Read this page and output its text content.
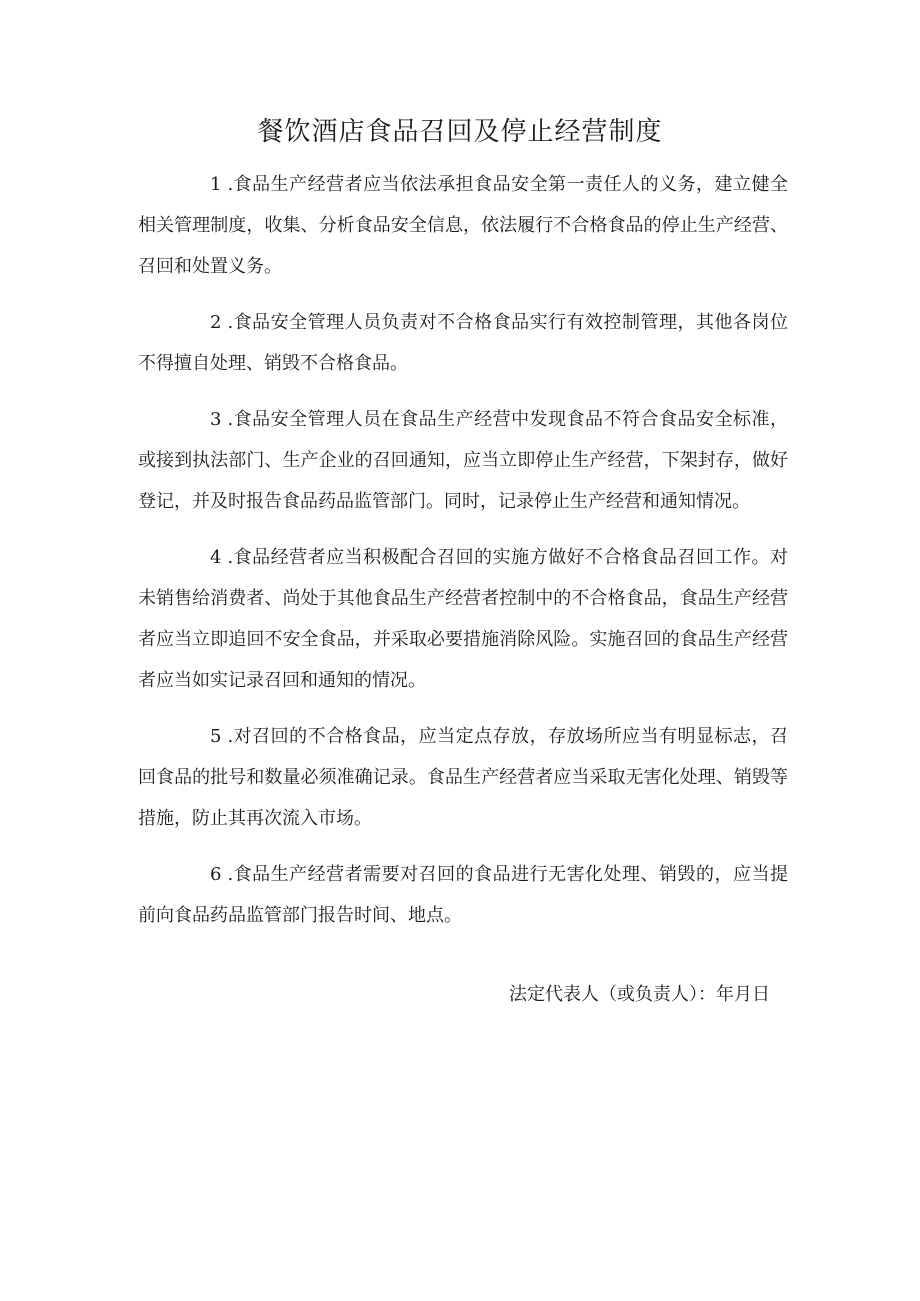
餐饮酒店食品召回及停止经营制度

1 .食品生产经营者应当依法承担食品安全第一责任人的义务，建立健全相关管理制度，收集、分析食品安全信息，依法履行不合格食品的停止生产经营、召回和处置义务。

2 .食品安全管理人员负责对不合格食品实行有效控制管理，其他各岗位不得擅自处理、销毁不合格食品。

3 .食品安全管理人员在食品生产经营中发现食品不符合食品安全标准，或接到执法部门、生产企业的召回通知，应当立即停止生产经营，下架封存，做好登记，并及时报告食品药品监管部门。同时，记录停止生产经营和通知情况。

4 .食品经营者应当积极配合召回的实施方做好不合格食品召回工作。对未销售给消费者、尚处于其他食品生产经营者控制中的不合格食品，食品生产经营者应当立即追回不安全食品，并采取必要措施消除风险。实施召回的食品生产经营者应当如实记录召回和通知的情况。

5 .对召回的不合格食品，应当定点存放，存放场所应当有明显标志，召回食品的批号和数量必须准确记录。食品生产经营者应当采取无害化处理、销毁等措施，防止其再次流入市场。

6 .食品生产经营者需要对召回的食品进行无害化处理、销毁的，应当提前向食品药品监管部门报告时间、地点。

法定代表人（或负责人）：年月日
